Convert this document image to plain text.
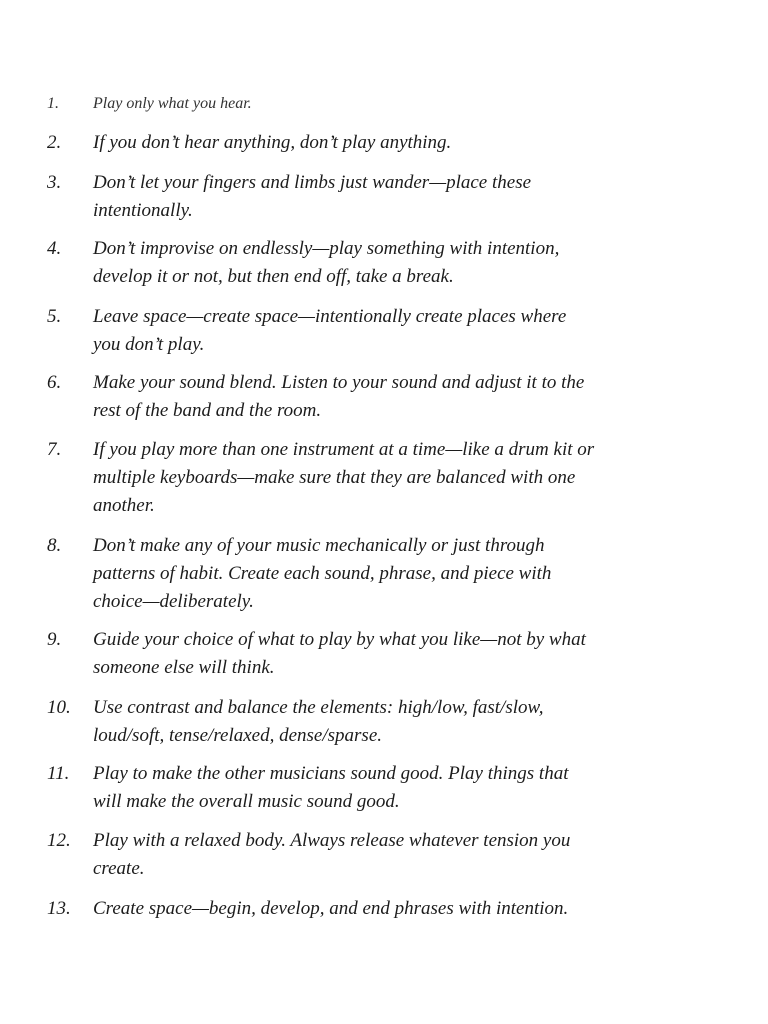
1. Play only what you hear.
2. If you don’t hear anything, don’t play anything.
3. Don’t let your fingers and limbs just wander—place these
intentionally.
4. Don’t improvise on endlessly—play something with intention,
develop it or not, but then end off, take a break.
5. Leave space—create space—intentionally create places where
you don’t play.
6. Make your sound blend. Listen to your sound and adjust it to the
rest of the band and the room.
7. If you play more than one instrument at a time—like a drum kit or
multiple keyboards—make sure that they are balanced with one
another.
8. Don’t make any of your music mechanically or just through
patterns of habit. Create each sound, phrase, and piece with
choice—deliberately.
9. Guide your choice of what to play by what you like—not by what
someone else will think.
10. Use contrast and balance the elements: high/low, fast/slow,
loud/soft, tense/relaxed, dense/sparse.
11. Play to make the other musicians sound good. Play things that
will make the overall music sound good.
12. Play with a relaxed body. Always release whatever tension you
create.
13. Create space—begin, develop, and end phrases with intention.
